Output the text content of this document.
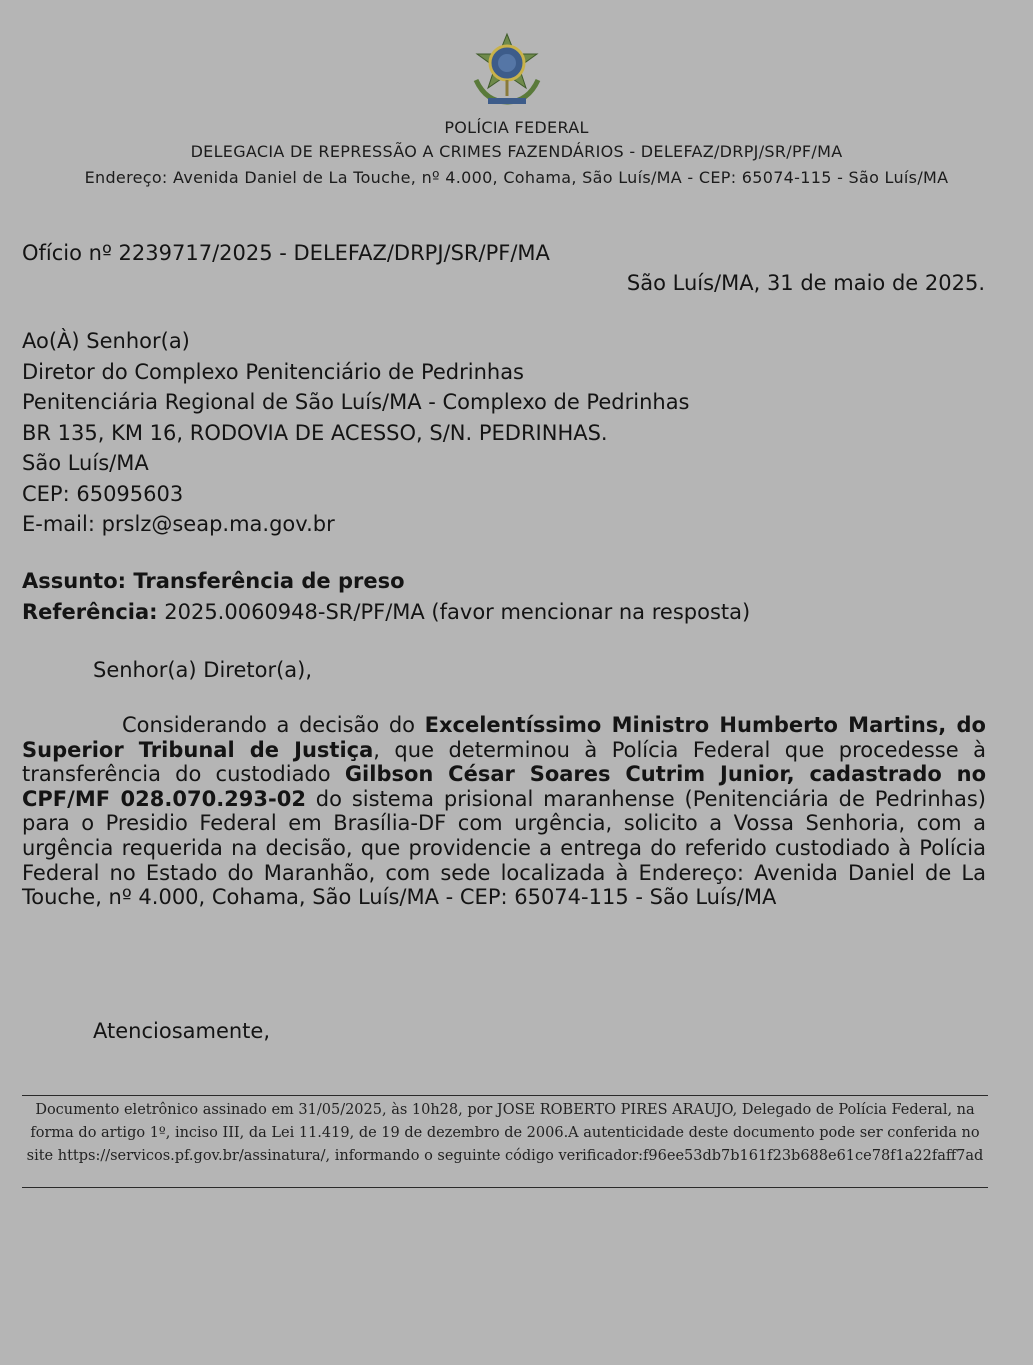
POLÍCIA FEDERAL
DELEGACIA DE REPRESSÃO A CRIMES FAZENDÁRIOS - DELEFAZ/DRPJ/SR/PF/MA
Endereço: Avenida Daniel de La Touche, nº 4.000, Cohama, São Luís/MA - CEP: 65074-115 - São Luís/MA
Ofício nº 2239717/2025 - DELEFAZ/DRPJ/SR/PF/MA
São Luís/MA, 31 de maio de 2025.
Ao(À) Senhor(a)
Diretor do Complexo Penitenciário de Pedrinhas
Penitenciária Regional de São Luís/MA - Complexo de Pedrinhas
BR 135, KM 16, RODOVIA DE ACESSO, S/N. PEDRINHAS.
São Luís/MA
CEP: 65095603
E-mail: prslz@seap.ma.gov.br
Assunto: Transferência de preso
Referência: 2025.0060948-SR/PF/MA (favor mencionar na resposta)
Senhor(a) Diretor(a),
Considerando a decisão do Excelentíssimo Ministro Humberto Martins, do Superior Tribunal de Justiça, que determinou à Polícia Federal que procedesse à transferência do custodiado Gilbson César Soares Cutrim Junior, cadastrado no CPF/MF 028.070.293-02 do sistema prisional maranhense (Penitenciária de Pedrinhas) para o Presidio Federal em Brasília-DF com urgência, solicito a Vossa Senhoria, com a urgência requerida na decisão, que providencie a entrega do referido custodiado à Polícia Federal no Estado do Maranhão, com sede localizada à Endereço: Avenida Daniel de La Touche, nº 4.000, Cohama, São Luís/MA - CEP: 65074-115 - São Luís/MA
Atenciosamente,
Documento eletrônico assinado em 31/05/2025, às 10h28, por JOSE ROBERTO PIRES ARAUJO, Delegado de Polícia Federal, na forma do artigo 1º, inciso III, da Lei 11.419, de 19 de dezembro de 2006.A autenticidade deste documento pode ser conferida no site https://servicos.pf.gov.br/assinatura/, informando o seguinte código verificador:f96ee53db7b161f23b688e61ce78f1a22faff7ad
